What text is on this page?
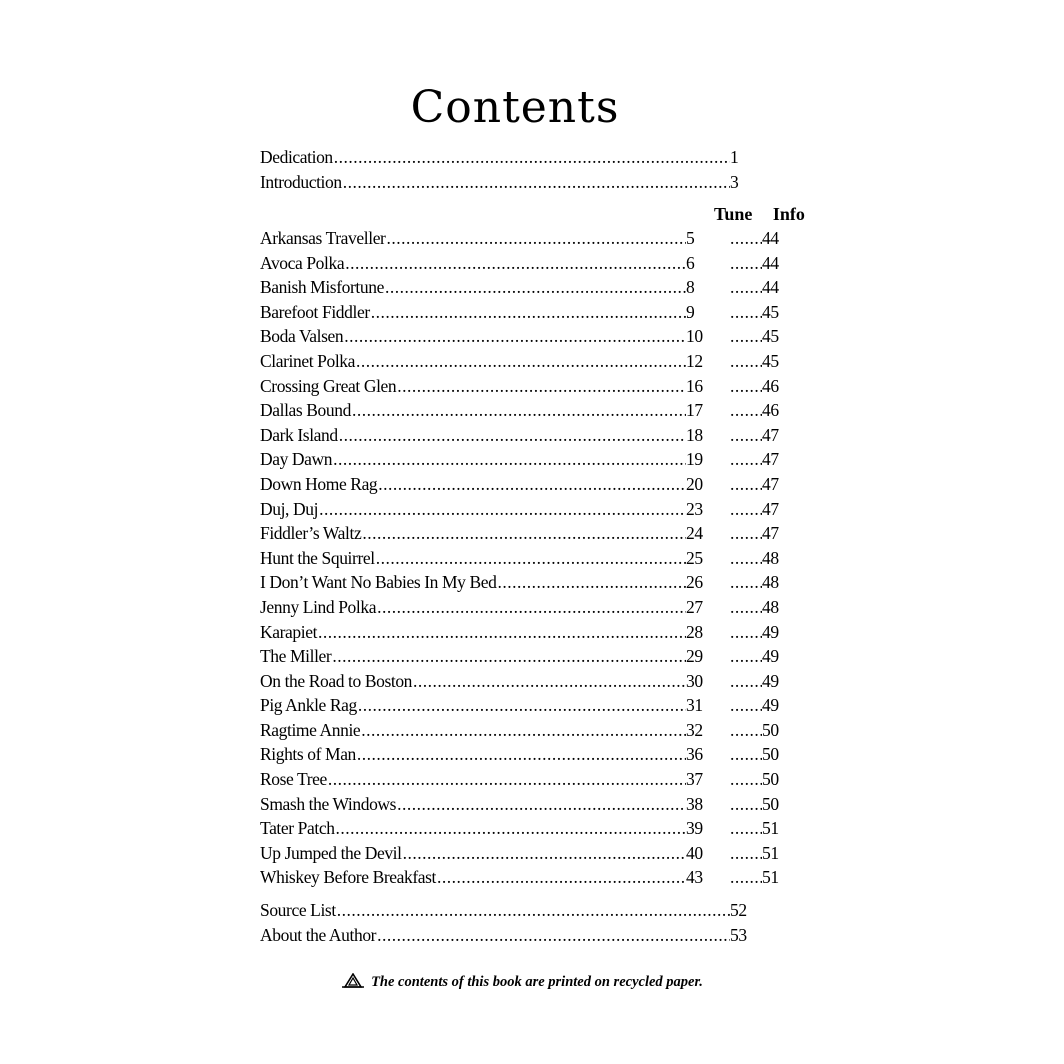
Contents
Dedication .....	1
Introduction .....	3
Tune Info
Arkansas Traveller .....	5 .....	44
Avoca Polka .....	6 .....	44
Banish Misfortune .....	8 .....	44
Barefoot Fiddler .....	9 .....	45
Boda Valsen .....	10 .....	45
Clarinet Polka .....	12 .....	45
Crossing Great Glen .....	16 .....	46
Dallas Bound .....	17 .....	46
Dark Island .....	18 .....	47
Day Dawn .....	19 .....	47
Down Home Rag .....	20 .....	47
Duj, Duj .....	23 .....	47
Fiddler’s Waltz .....	24 .....	47
Hunt the Squirrel .....	25 .....	48
I Don’t Want No Babies In My Bed .....	26 .....	48
Jenny Lind Polka .....	27 .....	48
Karapiet .....	28 .....	49
The Miller .....	29 .....	49
On the Road to Boston .....	30 .....	49
Pig Ankle Rag .....	31 .....	49
Ragtime Annie .....	32 .....	50
Rights of Man .....	36 .....	50
Rose Tree .....	37 .....	50
Smash the Windows .....	38 .....	50
Tater Patch .....	39 .....	51
Up Jumped the Devil .....	40 .....	51
Whiskey Before Breakfast .....	43 .....	51
Source List .....	52
About the Author .....	53
The contents of this book are printed on recycled paper.
